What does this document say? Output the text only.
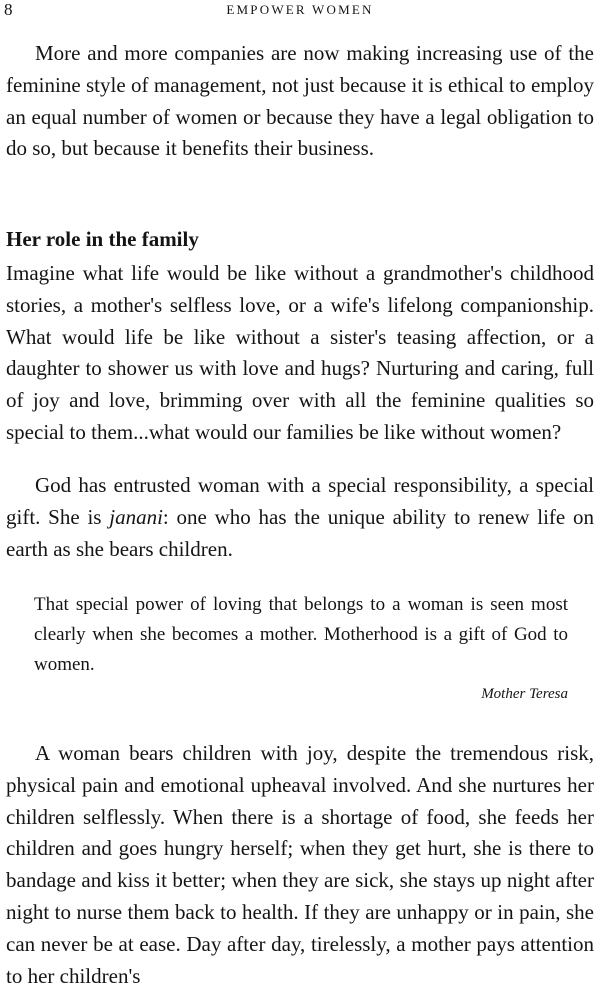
8	EMPOWER WOMEN

More and more companies are now making increasing use of the feminine style of management, not just because it is ethical to employ an equal number of women or because they have a legal obligation to do so, but because it benefits their business.

Her role in the family

Imagine what life would be like without a grandmother's childhood stories, a mother's selfless love, or a wife's lifelong companionship. What would life be like without a sister's teasing affection, or a daughter to shower us with love and hugs? Nurturing and caring, full of joy and love, brimming over with all the feminine qualities so special to them...what would our families be like without women?

God has entrusted woman with a special responsibility, a special gift. She is janani: one who has the unique ability to renew life on earth as she bears children.

That special power of loving that belongs to a woman is seen most clearly when she becomes a mother. Motherhood is a gift of God to women.

Mother Teresa

A woman bears children with joy, despite the tremendous risk, physical pain and emotional upheaval involved. And she nurtures her children selflessly. When there is a shortage of food, she feeds her children and goes hungry herself; when they get hurt, she is there to bandage and kiss it better; when they are sick, she stays up night after night to nurse them back to health. If they are unhappy or in pain, she can never be at ease. Day after day, tirelessly, a mother pays attention to her children's
